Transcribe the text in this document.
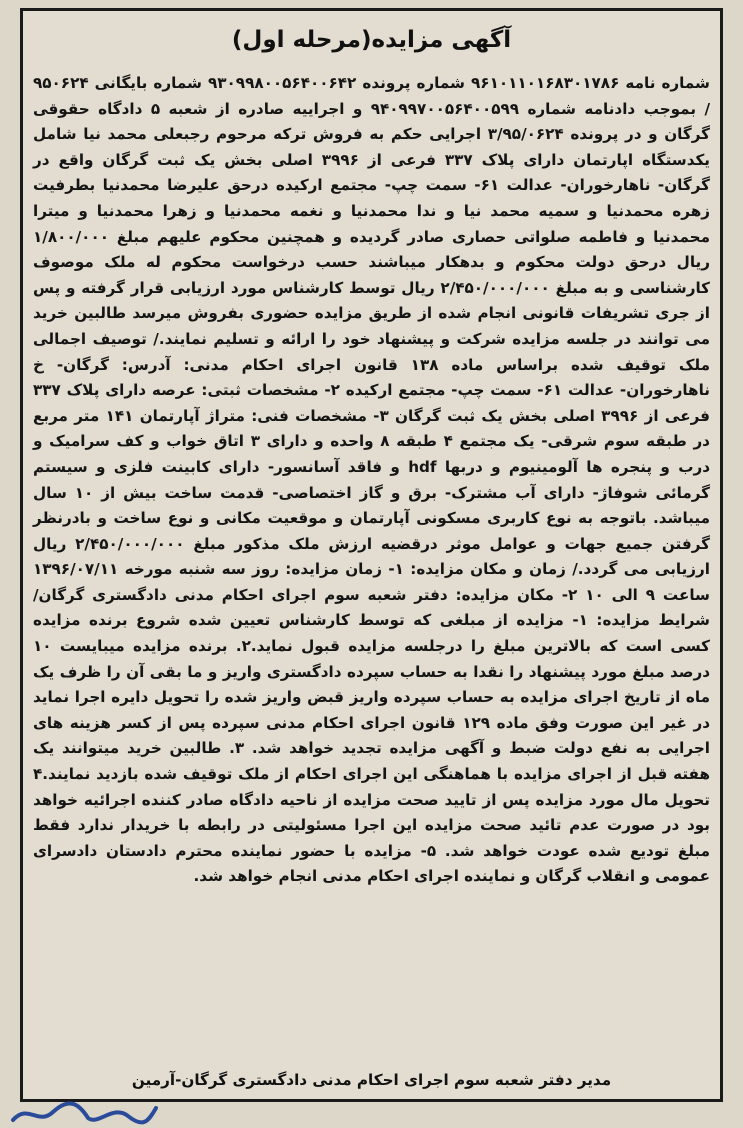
آگهی مزایده(مرحله اول)
شماره نامه ۹۶۱۰۱۱۰۱۶۸۳۰۱۷۸۶ شماره پرونده ۹۳۰۹۹۸۰۰۵۶۴۰۰۶۴۲ شماره بایگانی ۹۵۰۶۲۴ / بموجب دادنامه شماره ۹۴۰۹۹۷۰۰۵۶۴۰۰۵۹۹ و اجراییه صادره از شعبه ۵ دادگاه حقوقی گرگان و در پرونده ۳/۹۵/۰۶۲۴ اجرایی حکم به فروش ترکه مرحوم رجبعلی محمد نیا شامل یکدستگاه اپارتمان دارای پلاک ۳۳۷ فرعی از ۳۹۹۶ اصلی بخش یک ثبت گرگان واقع در گرگان- ناهارخوران- عدالت ۶۱- سمت چپ- مجتمع ارکیده درحق علیرضا محمدنیا بطرفیت زهره محمدنیا و سمیه محمد نیا و ندا محمدنیا و نغمه محمدنیا و زهرا محمدنیا و میترا محمدنیا و فاطمه صلواتی حصاری صادر گردیده و همچنین محکوم علیهم مبلغ ۱/۸۰۰/۰۰۰ ریال درحق دولت محکوم و بدهکار میباشند حسب درخواست محکوم له ملک موصوف کارشناسی و به مبلغ ۲/۴۵۰/۰۰۰/۰۰۰ ریال توسط کارشناس مورد ارزیابی قرار گرفته و پس از جری تشریفات قانونی انجام شده از طریق مزایده حضوری بفروش میرسد طالبین خرید می توانند در جلسه مزایده شرکت و پیشنهاد خود را ارائه و تسلیم نمایند./ توصیف اجمالی ملک توقیف شده براساس ماده ۱۳۸ قانون اجرای احکام مدنی: آدرس: گرگان- خ ناهارخوران- عدالت ۶۱- سمت چپ- مجتمع ارکیده ۲- مشخصات ثبتی: عرصه دارای پلاک ۳۳۷ فرعی از ۳۹۹۶ اصلی بخش یک ثبت گرگان ۳- مشخصات فنی: متراژ آپارتمان ۱۴۱ متر مربع در طبقه سوم شرقی- یک مجتمع ۴ طبقه ۸ واحده و دارای ۳ اتاق خواب و کف سرامیک و درب و پنجره ها آلومینیوم و دربها hdf و فاقد آسانسور- دارای کابینت فلزی و سیستم گرمائی شوفاژ- دارای آب مشترک- برق و گاز اختصاصی- قدمت ساخت بیش از ۱۰ سال میباشد. باتوجه به نوع کاربری مسکونی آپارتمان و موقعیت مکانی و نوع ساخت و بادرنظر گرفتن جمیع جهات و عوامل موثر درقضیه ارزش ملک مذکور مبلغ ۲/۴۵۰/۰۰۰/۰۰۰ ریال ارزیابی می گردد./ زمان و مکان مزایده: ۱- زمان مزایده: روز سه شنبه مورخه ۱۳۹۶/۰۷/۱۱ ساعت ۹ الی ۱۰ ۲- مکان مزایده: دفتر شعبه سوم اجرای احکام مدنی دادگستری گرگان/ شرایط مزایده: ۱- مزایده از مبلغی که توسط کارشناس تعیین شده شروع برنده مزایده کسی است که بالاترین مبلغ را درجلسه مزایده قبول نماید.۲. برنده مزایده میبایست ۱۰ درصد مبلغ مورد پیشنهاد را نقدا به حساب سپرده دادگستری واریز و ما بقی آن را ظرف یک ماه از تاریخ اجرای مزایده به حساب سپرده واریز قبض واریز شده را تحویل دایره اجرا نماید در غیر این صورت وفق ماده ۱۲۹ قانون اجرای احکام مدنی سپرده پس از کسر هزینه های اجرایی به نفع دولت ضبط و آگهی مزایده تجدید خواهد شد. ۳. طالبین خرید میتوانند یک هفته قبل از اجرای مزایده با هماهنگی این اجرای احکام از ملک توقیف شده بازدید نمایند.۴ تحویل مال مورد مزایده پس از تایید صحت مزایده از ناحیه دادگاه صادر کننده اجرائیه خواهد بود در صورت عدم تائید صحت مزایده این اجرا مسئولیتی در رابطه با خریدار ندارد فقط مبلغ تودیع شده عودت خواهد شد. ۵- مزایده با حضور نماینده محترم دادستان دادسرای عمومی و انقلاب گرگان و نماینده اجرای احکام مدنی انجام خواهد شد.
مدیر دفتر شعبه سوم اجرای احکام مدنی دادگستری گرگان-آرمین
